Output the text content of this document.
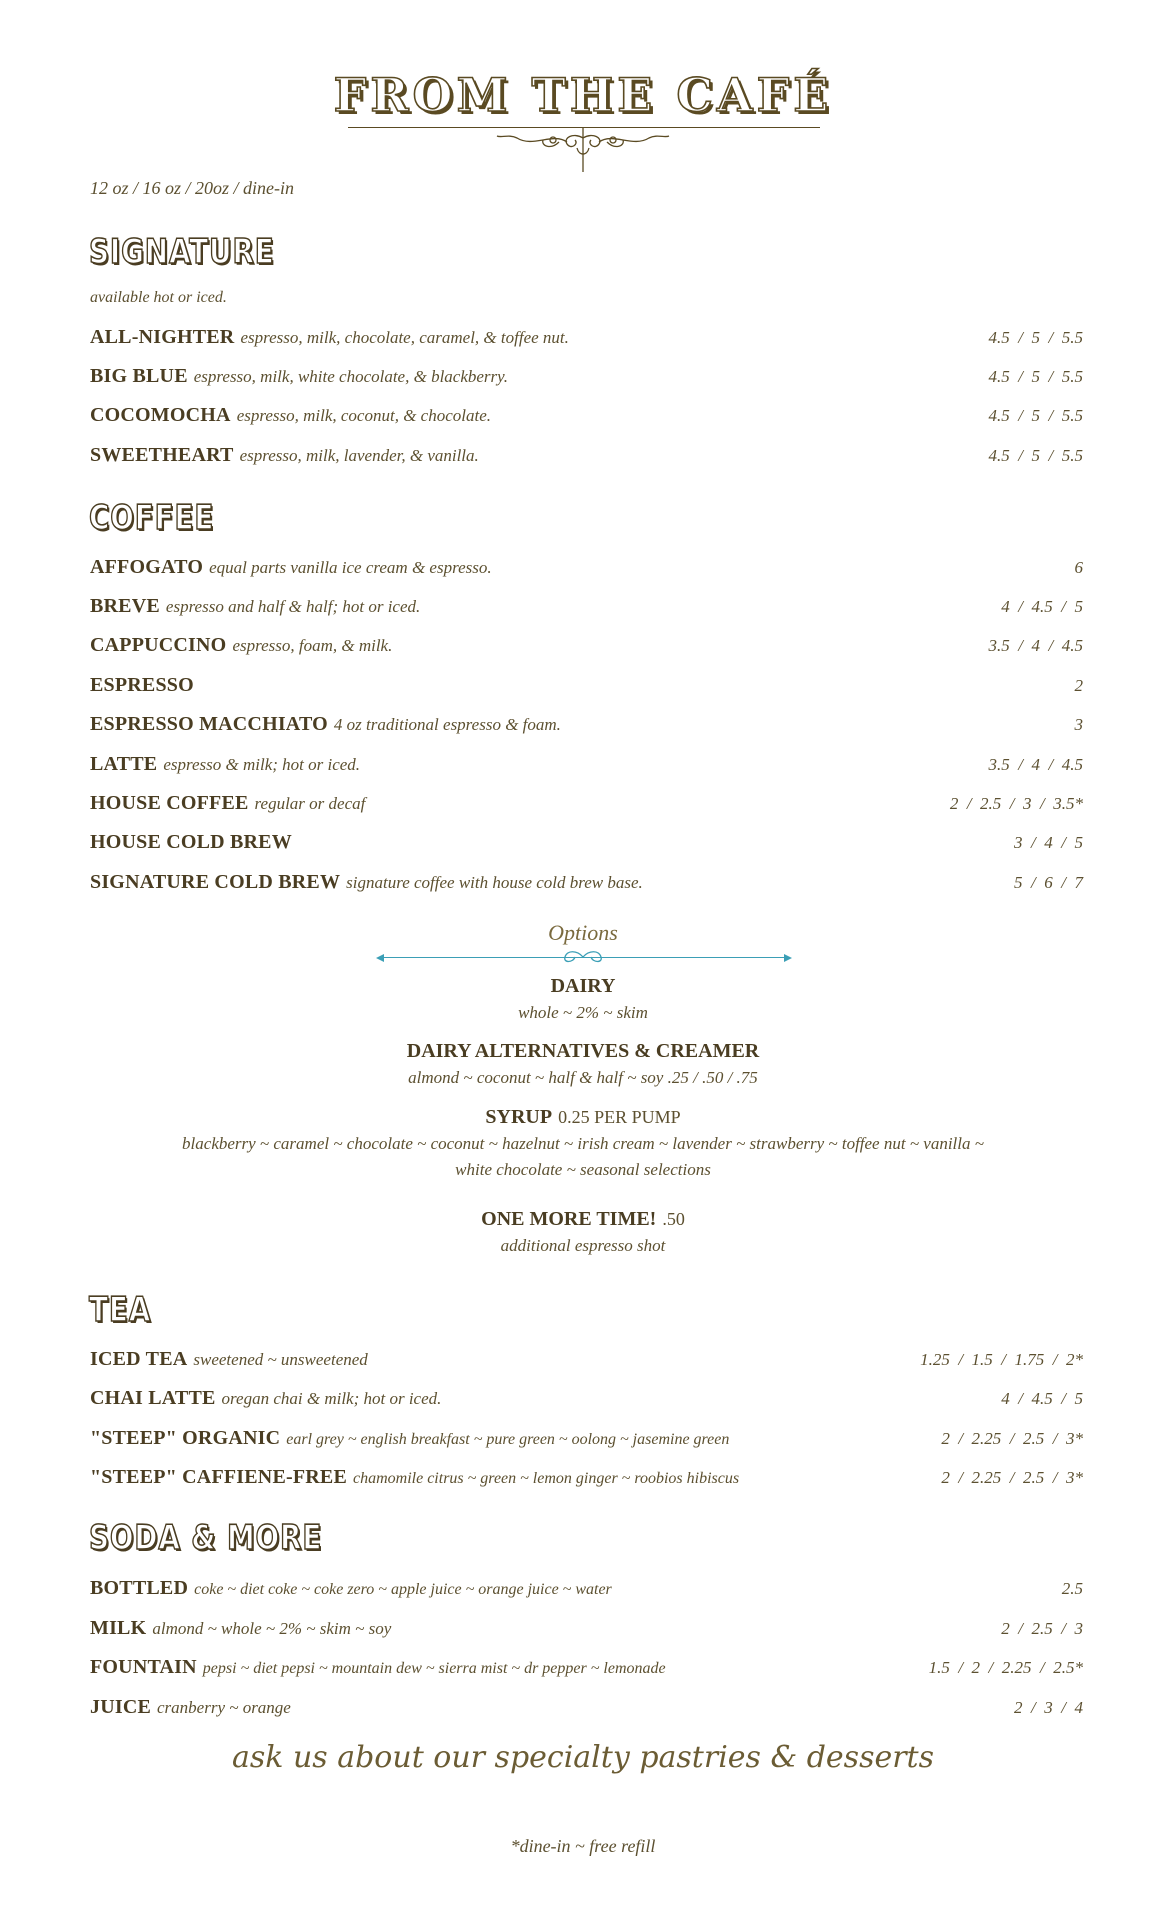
FROM THE CAFÉ
12 oz / 16 oz / 20oz / dine-in
SIGNATURE
available hot or iced.
ALL-NIGHTER espresso, milk, chocolate, caramel, & toffee nut.	4.5  /  5  /  5.5
BIG BLUE espresso, milk, white chocolate, & blackberry.	4.5  /  5  /  5.5
COCOMOCHA espresso, milk, coconut, & chocolate.	4.5  /  5  /  5.5
SWEETHEART espresso, milk, lavender, & vanilla.	4.5  /  5  /  5.5
COFFEE
AFFOGATO equal parts vanilla ice cream & espresso.	6
BREVE espresso and half & half; hot or iced.	4  /  4.5  /  5
CAPPUCCINO espresso, foam, & milk.	3.5  /  4  /  4.5
ESPRESSO	2
ESPRESSO MACCHIATO 4 oz traditional espresso & foam.	3
LATTE espresso & milk; hot or iced.	3.5  /  4  /  4.5
HOUSE COFFEE regular or decaf	2  /  2.5  /  3  /  3.5*
HOUSE COLD BREW	3  /  4  /  5
SIGNATURE COLD BREW signature coffee with house cold brew base.	5  /  6  /  7
Options
DAIRY
whole ~ 2% ~ skim
DAIRY ALTERNATIVES & CREAMER
almond ~ coconut ~ half & half ~ soy .25 / .50 / .75
SYRUP 0.25 PER PUMP
blackberry ~ caramel ~ chocolate ~ coconut ~ hazelnut ~ irish cream ~ lavender ~ strawberry ~ toffee nut ~ vanilla ~
white chocolate ~ seasonal selections
ONE MORE TIME! .50
additional espresso shot
TEA
ICED TEA sweetened ~ unsweetened	1.25  /  1.5  /  1.75  /  2*
CHAI LATTE oregan chai & milk; hot or iced.	4  /  4.5  /  5
"STEEP" ORGANIC earl grey ~ english breakfast ~ pure green ~ oolong ~ jasemine green	2  /  2.25  /  2.5  /  3*
"STEEP" CAFFIENE-FREE chamomile citrus ~ green ~ lemon ginger ~ roobios hibiscus	2  /  2.25  /  2.5  /  3*
SODA & MORE
BOTTLED coke ~ diet coke ~ coke zero ~ apple juice ~ orange juice ~ water	2.5
MILK almond ~ whole ~ 2% ~ skim ~ soy	2  /  2.5  /  3
FOUNTAIN pepsi ~ diet pepsi ~ mountain dew ~ sierra mist ~ dr pepper ~ lemonade	1.5  /  2  /  2.25  /  2.5*
JUICE cranberry ~ orange	2  /  3  /  4
ask us about our specialty pastries & desserts
*dine-in ~ free refill
